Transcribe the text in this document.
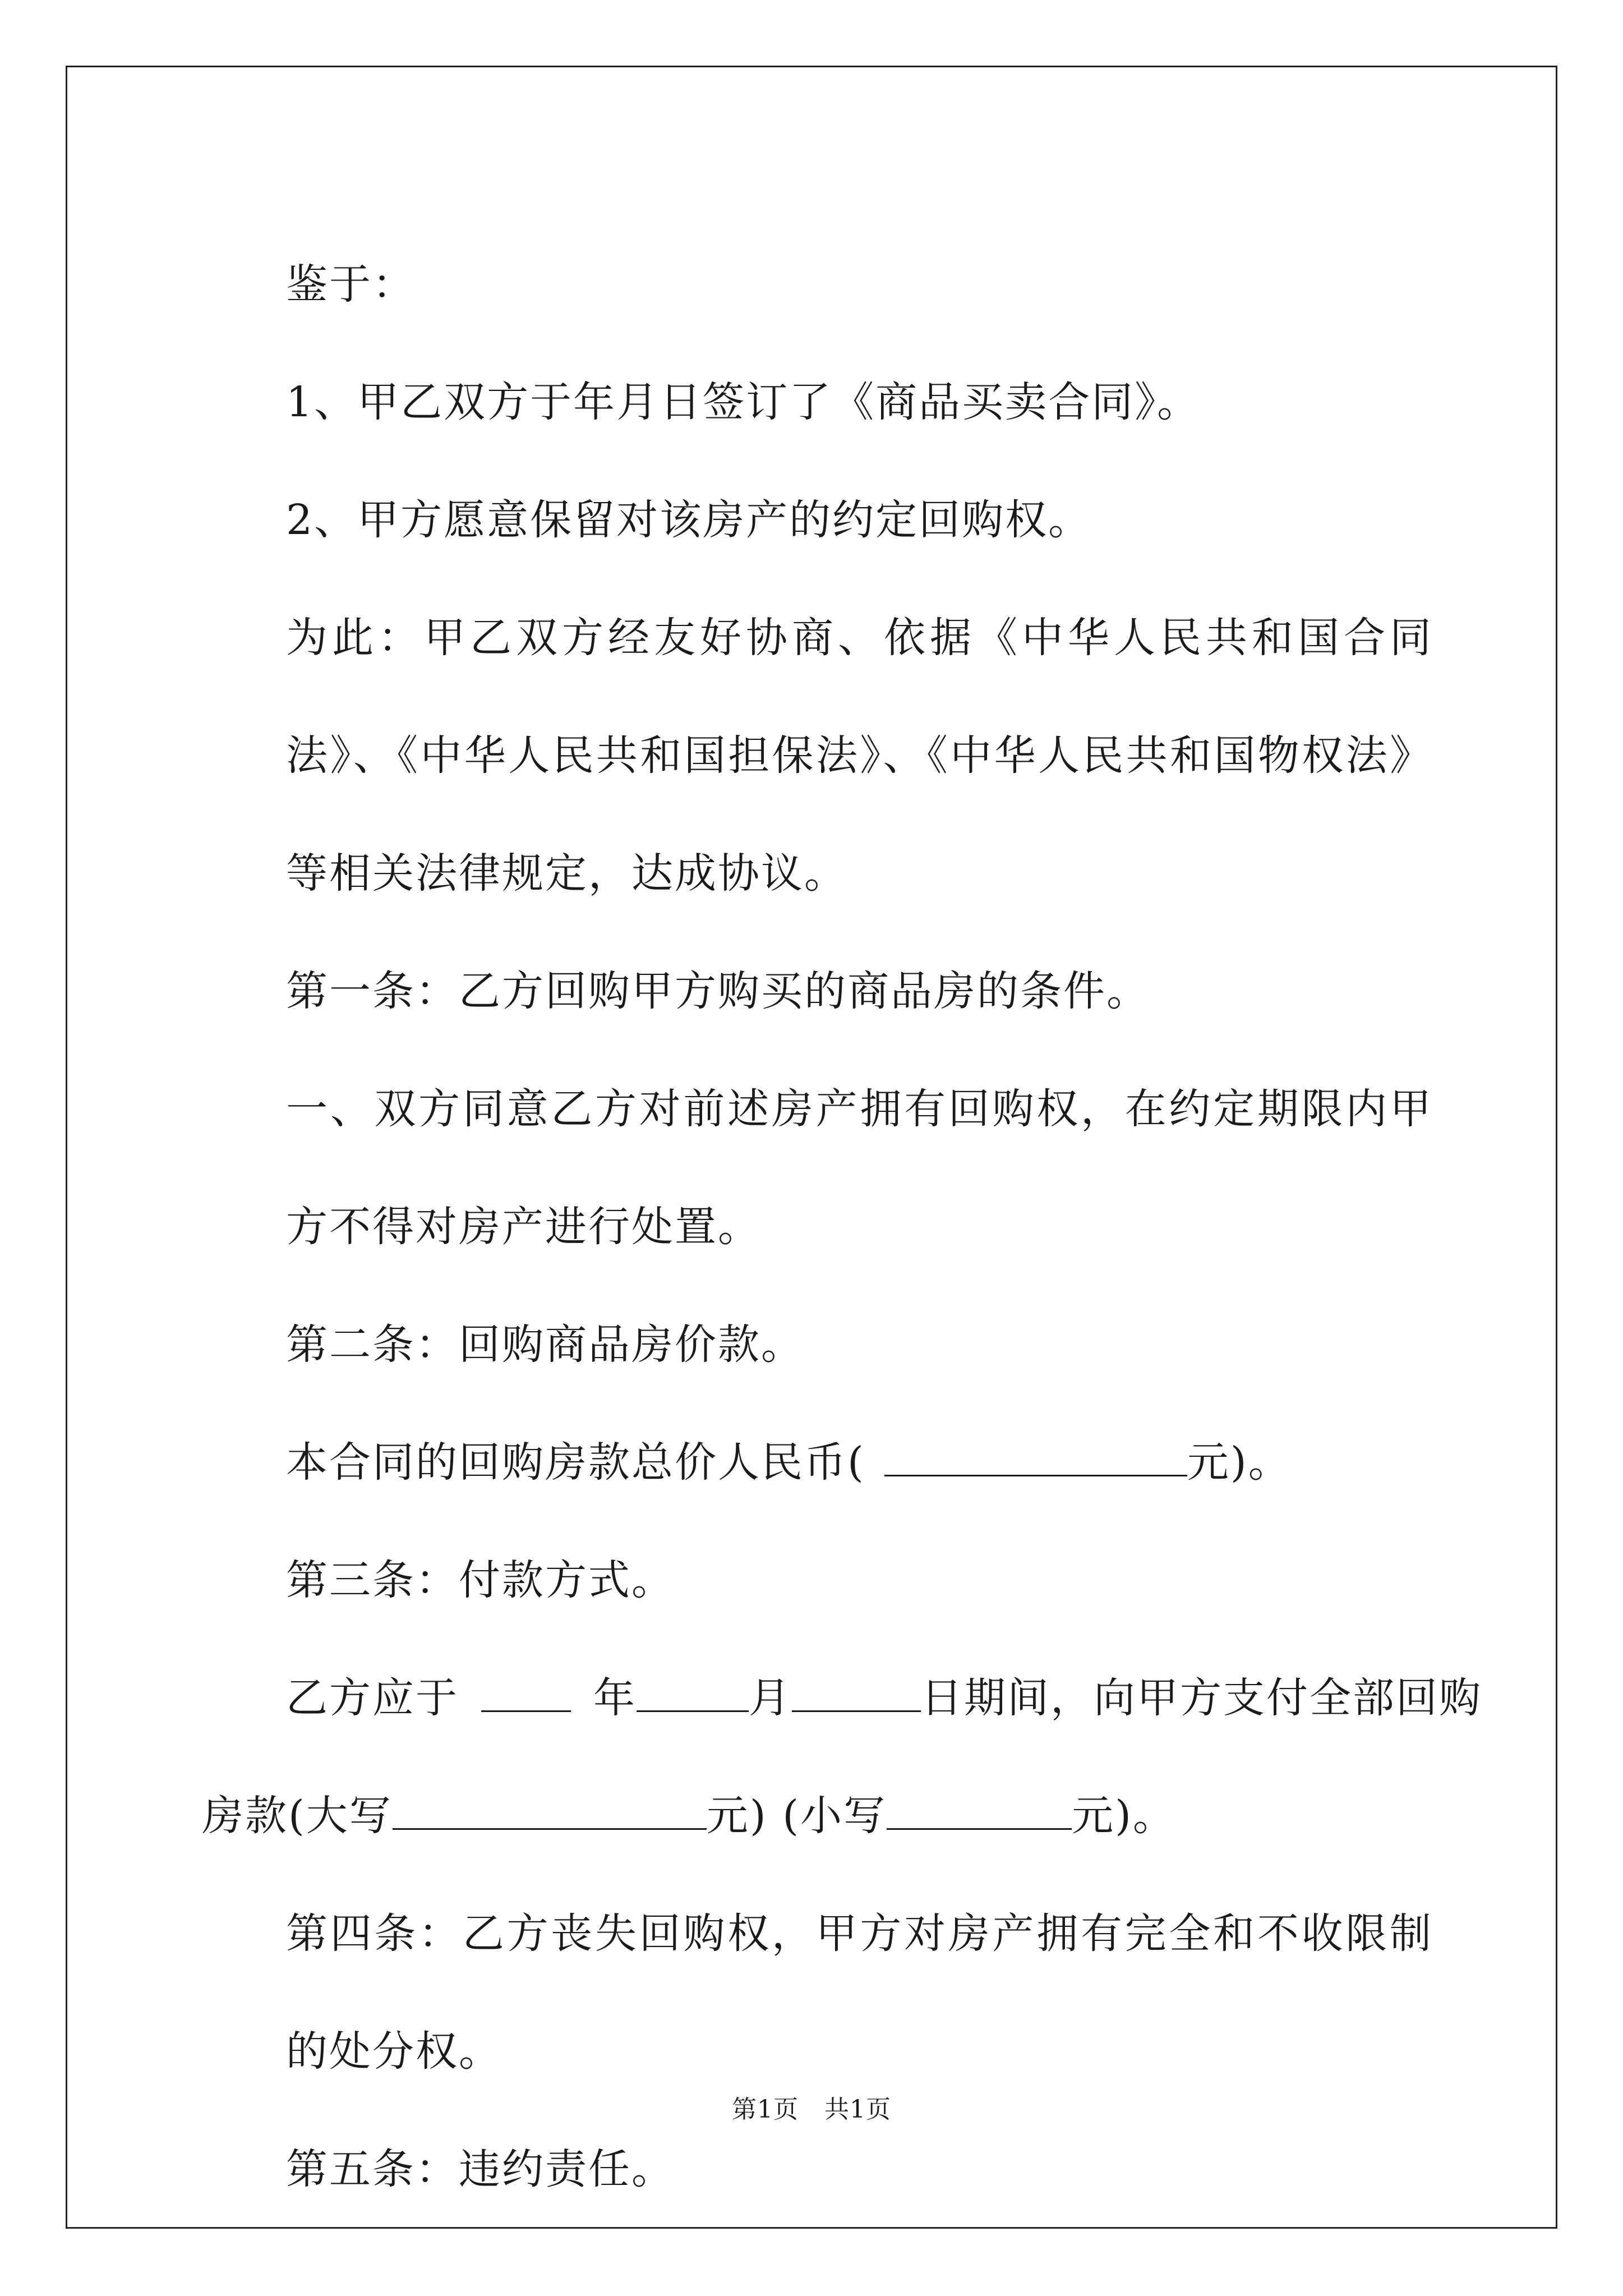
鉴于：

1、甲乙双方于年月日签订了《商品买卖合同》。

2、甲方愿意保留对该房产的约定回购权。

为此：甲乙双方经友好协商、依据《中华人民共和国合同法》、《中华人民共和国担保法》、《中华人民共和国物权法》等相关法律规定，达成协议。

第一条：乙方回购甲方购买的商品房的条件。

一、双方同意乙方对前述房产拥有回购权，在约定期限内甲方不得对房产进行处置。

第二条：回购商品房价款。

本合同的回购房款总价人民币(	元)。

第三条：付款方式。

乙方应于	年	月	日期间，向甲方支付全部回购

房款(大写	元) (小写	元)。

第四条：乙方丧失回购权，甲方对房产拥有完全和不收限制的处分权。

第五条：违约责任。

第1页 共1页
